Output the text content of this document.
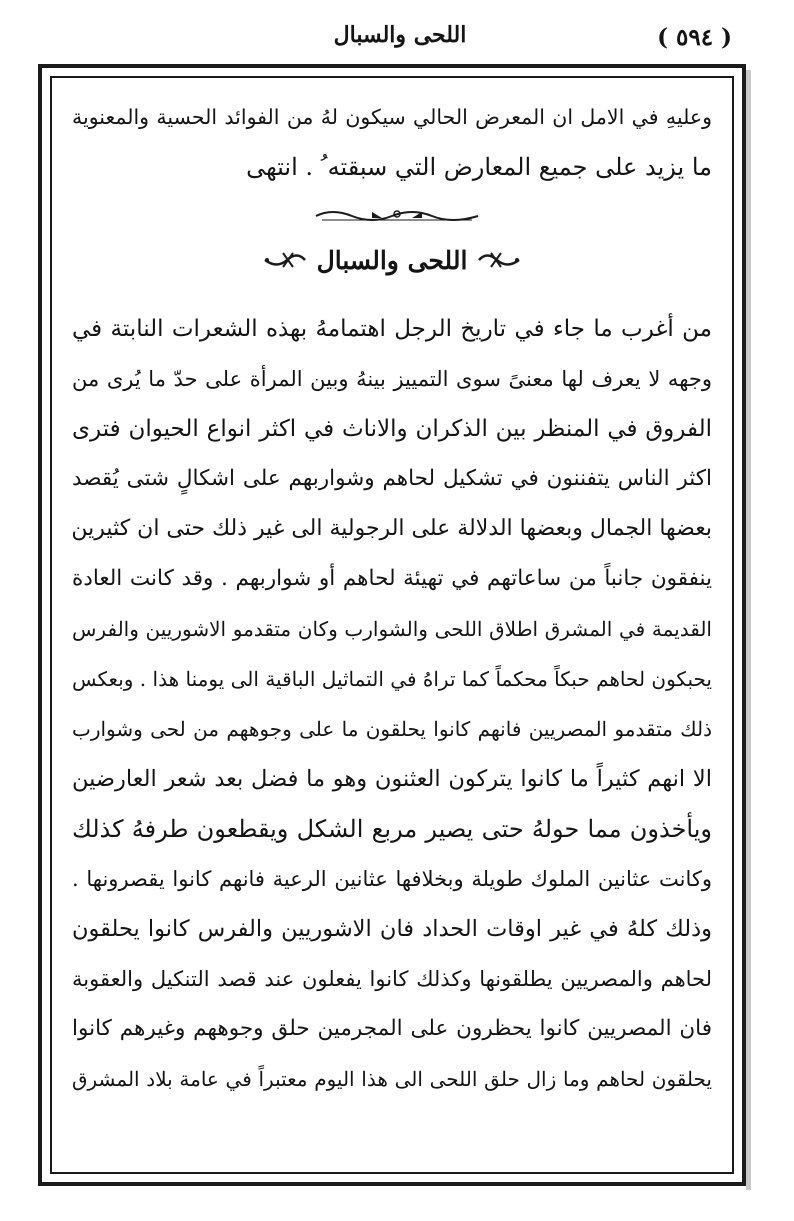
اللحى والسبال	( ٥٩٤ )
وعليهِ في الامل ان المعرض الحالي سيكون لهُ من الفوائد الحسية والمعنوية
ما يزيد على جميع المعارض التي سبقته ُ . انتهى
اللحى والسبال
من أغرب ما جاء في تاريخ الرجل اهتمامهُ بهذه الشعرات النابتة في
وجهه لا يعرف لها معنىً سوى التمييز بينهُ وبين المرأة على حدّ ما يُرى من
الفروق في المنظر بين الذكران والاناث في اكثر انواع الحيوان فترى
اكثر الناس يتفننون في تشكيل لحاهم وشواربهم على اشكالٍ شتى يُقصد
بعضها الجمال وبعضها الدلالة على الرجولية الى غير ذلك حتى ان كثيرين
ينفقون جانباً من ساعاتهم في تهيئة لحاهم أو شواربهم . وقد كانت العادة
القديمة في المشرق اطلاق اللحى والشوارب وكان متقدمو الاشوريين والفرس
يحبكون لحاهم حبكاً محكماً كما تراهُ في التماثيل الباقية الى يومنا هذا . وبعكس
ذلك متقدمو المصريين فانهم كانوا يحلقون ما على وجوههم من لحى وشوارب
الا انهم كثيراً ما كانوا يتركون العثنون وهو ما فضل بعد شعر العارضين
ويأخذون مما حولهُ حتى يصير مربع الشكل ويقطعون طرفهُ كذلك
وكانت عثانين الملوك طويلة وبخلافها عثانين الرعية فانهم كانوا يقصرونها .
وذلك كلهُ في غير اوقات الحداد فان الاشوريين والفرس كانوا يحلقون
لحاهم والمصريين يطلقونها وكذلك كانوا يفعلون عند قصد التنكيل والعقوبة
فان المصريين كانوا يحظرون على المجرمين حلق وجوههم وغيرهم كانوا
يحلقون لحاهم وما زال حلق اللحى الى هذا اليوم معتبراً في عامة بلاد المشرق
